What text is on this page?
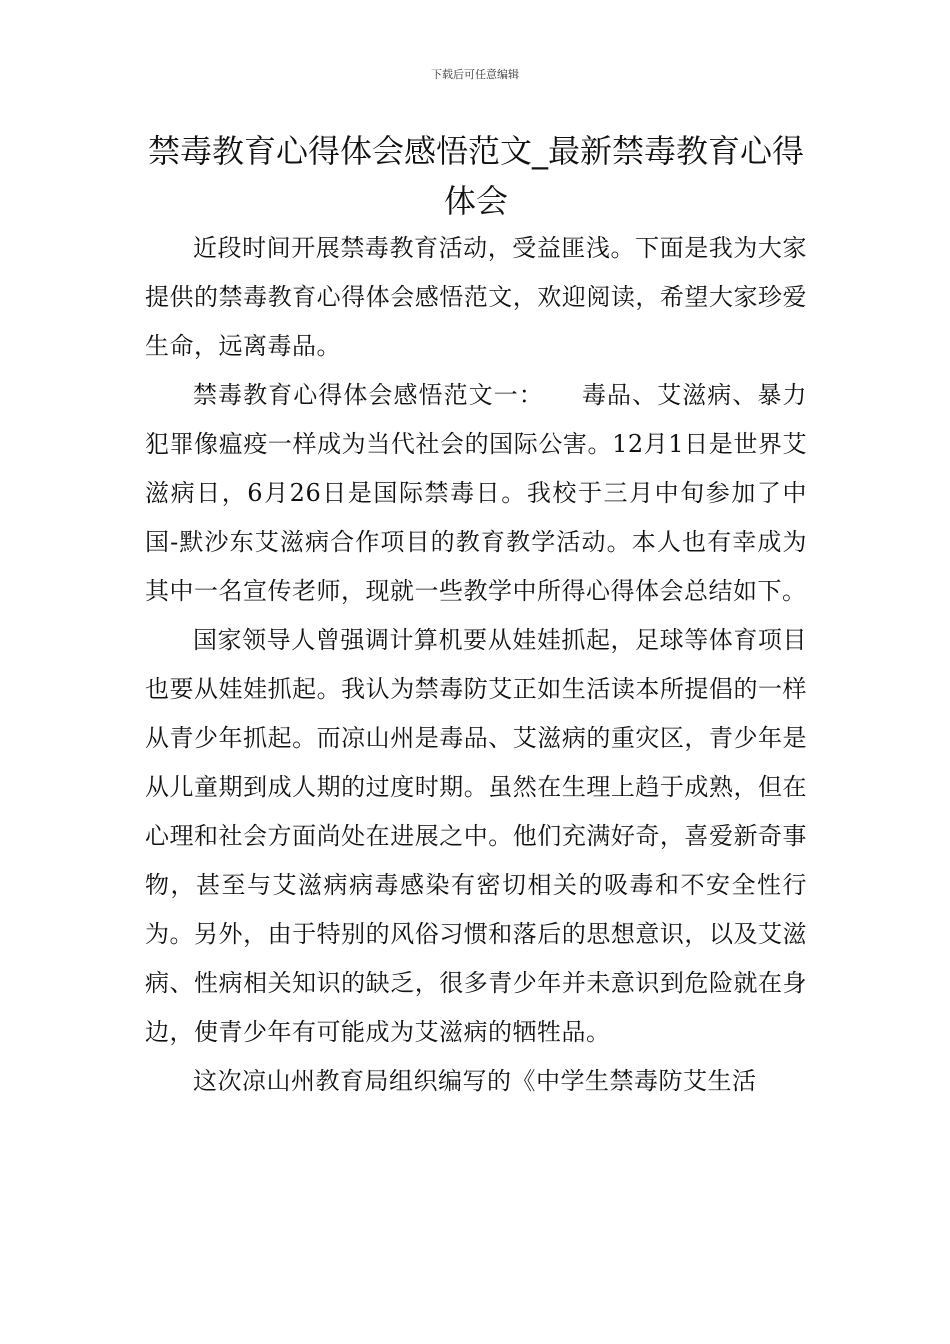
下载后可任意编辑
禁毒教育心得体会感悟范文_最新禁毒教育心得体会

近段时间开展禁毒教育活动，受益匪浅。下面是我为大家提供的禁毒教育心得体会感悟范文，欢迎阅读，希望大家珍爱生命，远离毒品。

禁毒教育心得体会感悟范文一：　　毒品、艾滋病、暴力犯罪像瘟疫一样成为当代社会的国际公害。12月1日是世界艾滋病日，6月26日是国际禁毒日。我校于三月中旬参加了中国-默沙东艾滋病合作项目的教育教学活动。本人也有幸成为其中一名宣传老师，现就一些教学中所得心得体会总结如下。

国家领导人曾强调计算机要从娃娃抓起，足球等体育项目也要从娃娃抓起。我认为禁毒防艾正如生活读本所提倡的一样从青少年抓起。而凉山州是毒品、艾滋病的重灾区，青少年是从儿童期到成人期的过度时期。虽然在生理上趋于成熟，但在心理和社会方面尚处在进展之中。他们充满好奇，喜爱新奇事物，甚至与艾滋病病毒感染有密切相关的吸毒和不安全性行为。另外，由于特别的风俗习惯和落后的思想意识，以及艾滋病、性病相关知识的缺乏，很多青少年并未意识到危险就在身边，使青少年有可能成为艾滋病的牺牲品。

这次凉山州教育局组织编写的《中学生禁毒防艾生活
